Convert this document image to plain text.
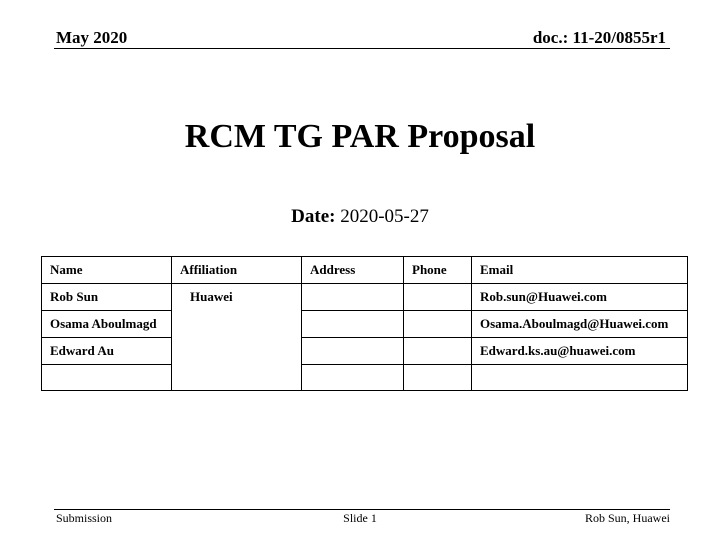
May 2020	doc.: 11-20/0855r1
RCM TG PAR Proposal
Date: 2020-05-27
Name	Affiliation	Address	Phone	Email
Rob Sun	Huawei			Rob.sun@Huawei.com
Osama Aboulmagd				Osama.Aboulmagd@Huawei.com
Edward Au				Edward.ks.au@huawei.com

Submission	Slide 1	Rob Sun, Huawei
